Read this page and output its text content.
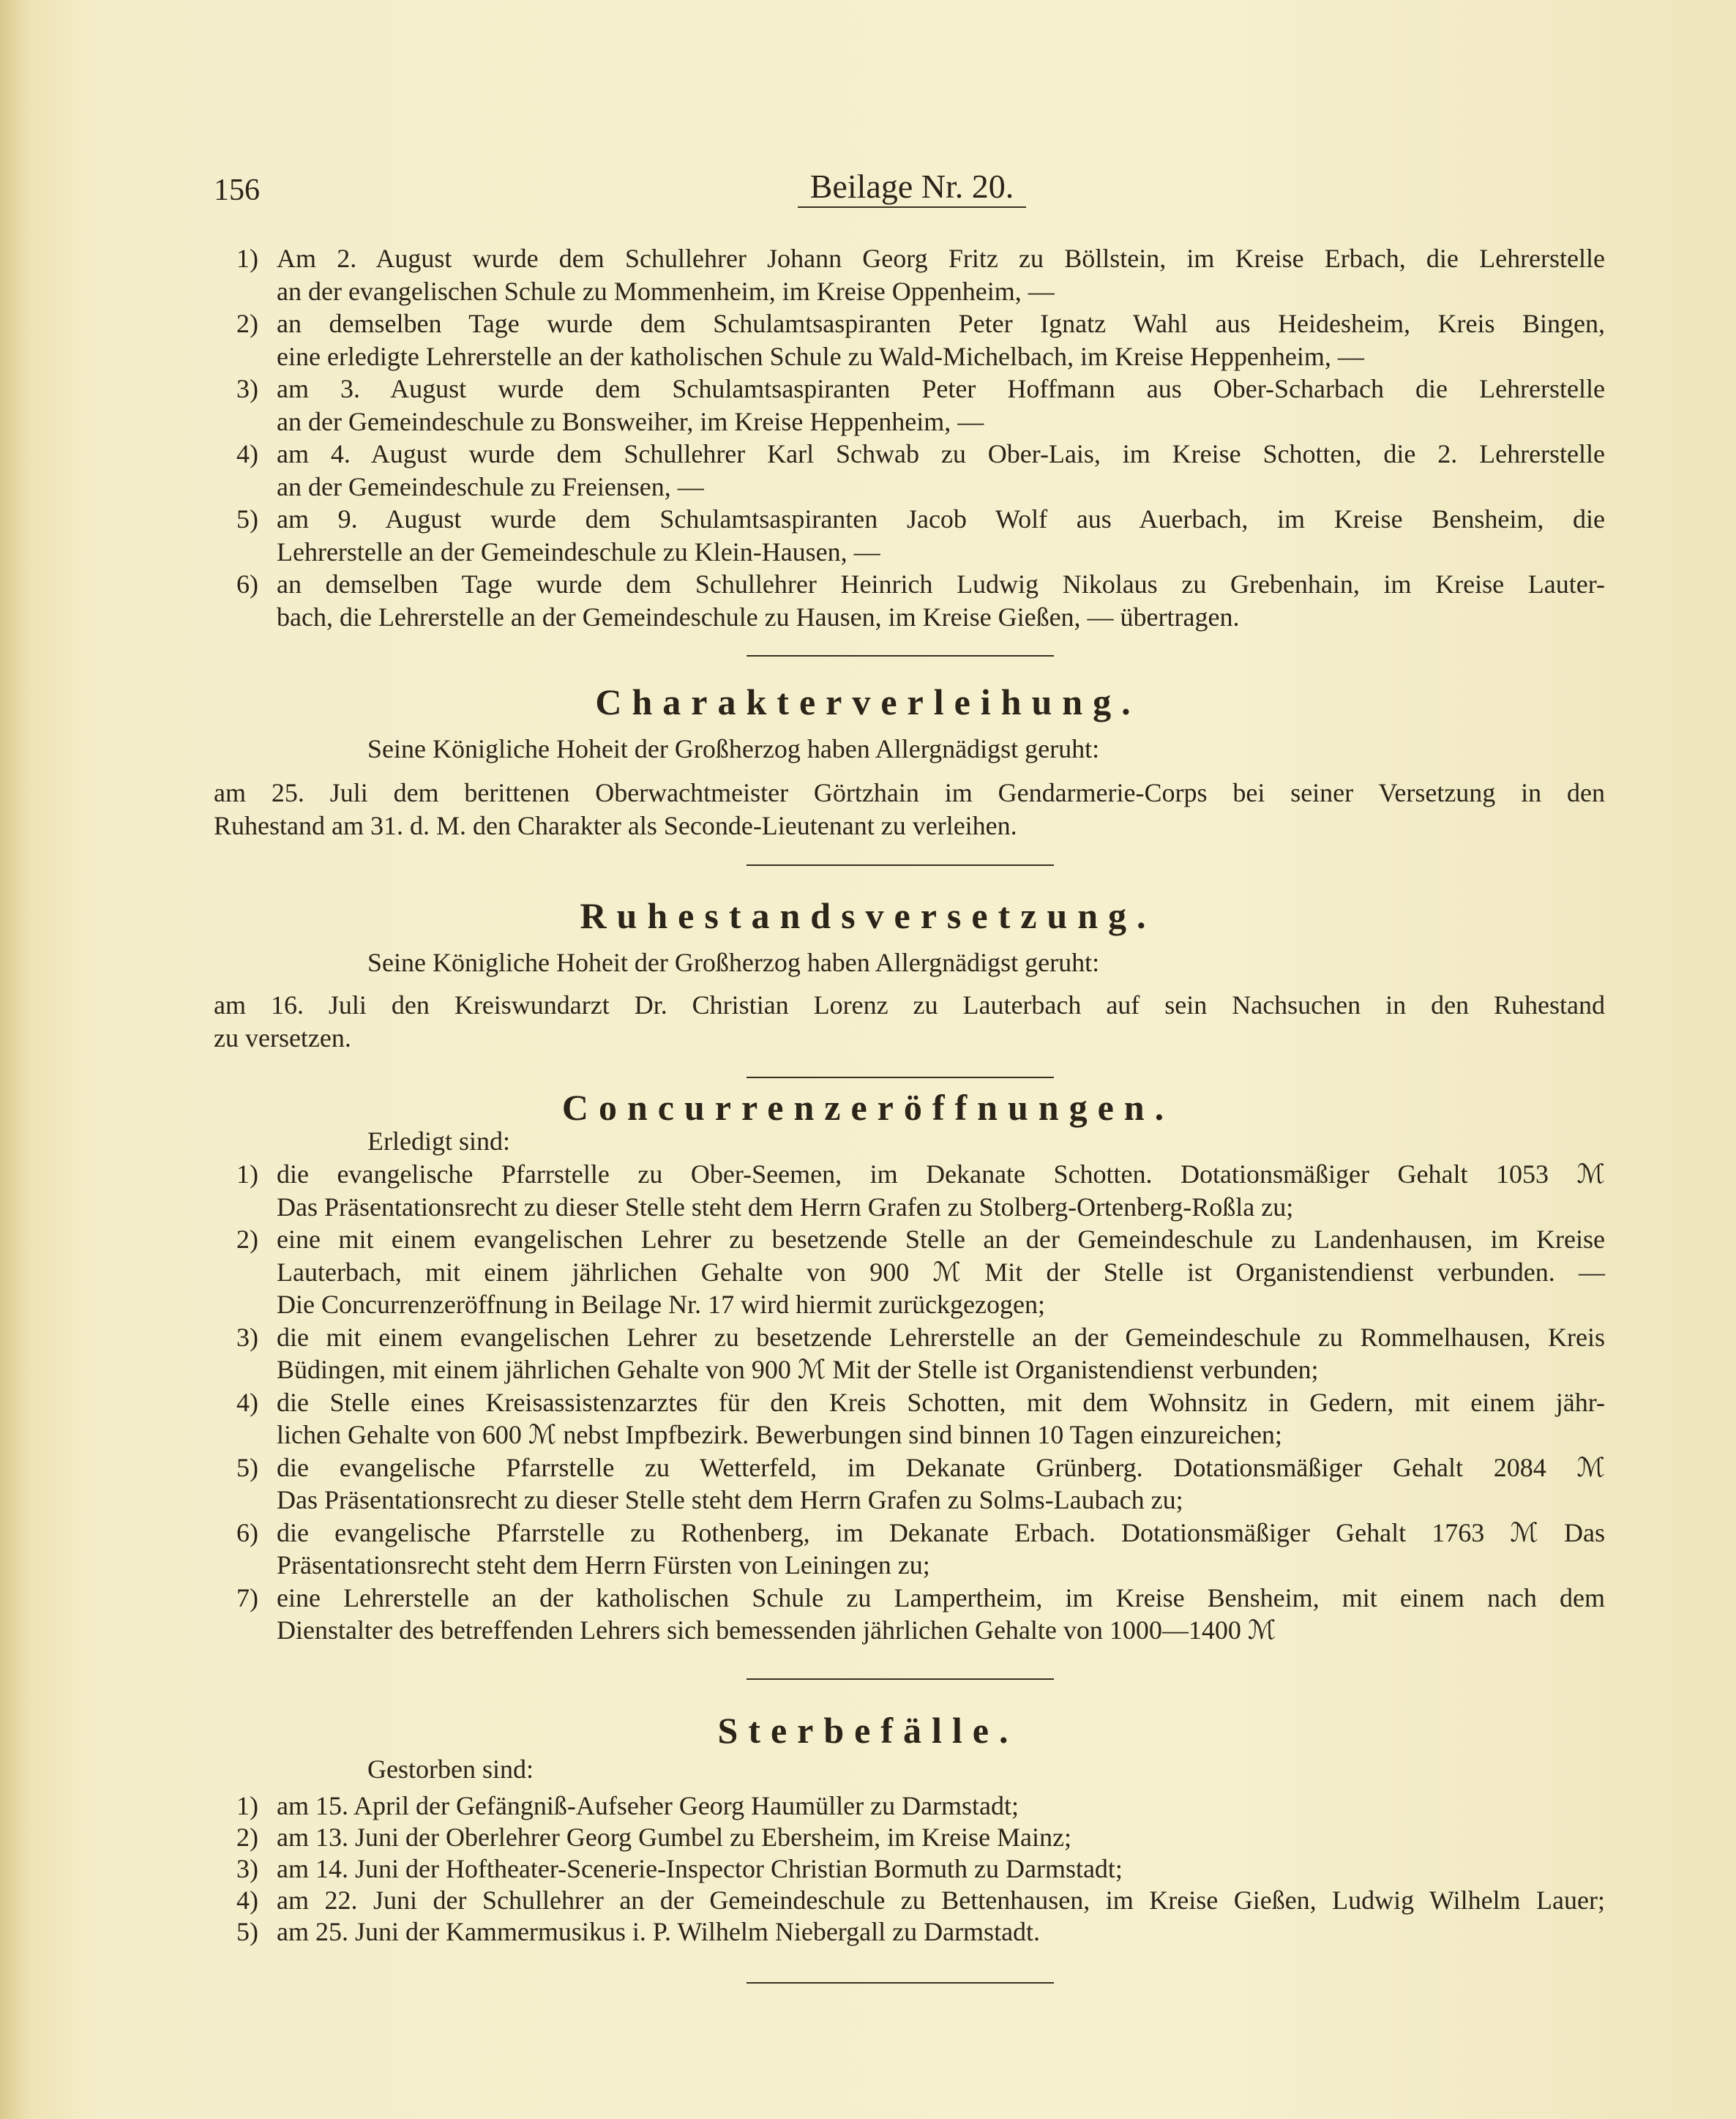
156	Beilage Nr. 20.
1) Am 2. August wurde dem Schullehrer Johann Georg Fritz zu Böllstein, im Kreise Erbach, die Lehrerstelle
an der evangelischen Schule zu Mommenheim, im Kreise Oppenheim, —
2) an demselben Tage wurde dem Schulamtsaspiranten Peter Ignatz Wahl aus Heidesheim, Kreis Bingen,
eine erledigte Lehrerstelle an der katholischen Schule zu Wald-Michelbach, im Kreise Heppenheim, —
3) am 3. August wurde dem Schulamtsaspiranten Peter Hoffmann aus Ober-Scharbach die Lehrerstelle
an der Gemeindeschule zu Bonsweiher, im Kreise Heppenheim, —
4) am 4. August wurde dem Schullehrer Karl Schwab zu Ober-Lais, im Kreise Schotten, die 2. Lehrerstelle
an der Gemeindeschule zu Freiensen, —
5) am 9. August wurde dem Schulamtsaspiranten Jacob Wolf aus Auerbach, im Kreise Bensheim, die
Lehrerstelle an der Gemeindeschule zu Klein-Hausen, —
6) an demselben Tage wurde dem Schullehrer Heinrich Ludwig Nikolaus zu Grebenhain, im Kreise Lauter-
bach, die Lehrerstelle an der Gemeindeschule zu Hausen, im Kreise Gießen, — übertragen.
Charakterverleihung.
Seine Königliche Hoheit der Großherzog haben Allergnädigst geruht:
am 25. Juli dem berittenen Oberwachtmeister Görtzhain im Gendarmerie-Corps bei seiner Versetzung in den
Ruhestand am 31. d. M. den Charakter als Seconde-Lieutenant zu verleihen.
Ruhestandsversetzung.
Seine Königliche Hoheit der Großherzog haben Allergnädigst geruht:
am 16. Juli den Kreiswundarzt Dr. Christian Lorenz zu Lauterbach auf sein Nachsuchen in den Ruhestand
zu versetzen.
Concurrenzeröffnungen.
Erledigt sind:
1) die evangelische Pfarrstelle zu Ober-Seemen, im Dekanate Schotten. Dotationsmäßiger Gehalt 1053 ℳ
Das Präsentationsrecht zu dieser Stelle steht dem Herrn Grafen zu Stolberg-Ortenberg-Roßla zu;
2) eine mit einem evangelischen Lehrer zu besetzende Stelle an der Gemeindeschule zu Landenhausen, im Kreise
Lauterbach, mit einem jährlichen Gehalte von 900 ℳ Mit der Stelle ist Organistendienst verbunden. —
Die Concurrenzeröffnung in Beilage Nr. 17 wird hiermit zurückgezogen;
3) die mit einem evangelischen Lehrer zu besetzende Lehrerstelle an der Gemeindeschule zu Rommelhausen, Kreis
Büdingen, mit einem jährlichen Gehalte von 900 ℳ Mit der Stelle ist Organistendienst verbunden;
4) die Stelle eines Kreisassistenzarztes für den Kreis Schotten, mit dem Wohnsitz in Gedern, mit einem jähr-
lichen Gehalte von 600 ℳ nebst Impfbezirk. Bewerbungen sind binnen 10 Tagen einzureichen;
5) die evangelische Pfarrstelle zu Wetterfeld, im Dekanate Grünberg. Dotationsmäßiger Gehalt 2084 ℳ
Das Präsentationsrecht zu dieser Stelle steht dem Herrn Grafen zu Solms-Laubach zu;
6) die evangelische Pfarrstelle zu Rothenberg, im Dekanate Erbach. Dotationsmäßiger Gehalt 1763 ℳ Das
Präsentationsrecht steht dem Herrn Fürsten von Leiningen zu;
7) eine Lehrerstelle an der katholischen Schule zu Lampertheim, im Kreise Bensheim, mit einem nach dem
Dienstalter des betreffenden Lehrers sich bemessenden jährlichen Gehalte von 1000—1400 ℳ
Sterbefälle.
Gestorben sind:
1) am 15. April der Gefängniß-Aufseher Georg Haumüller zu Darmstadt;
2) am 13. Juni der Oberlehrer Georg Gumbel zu Ebersheim, im Kreise Mainz;
3) am 14. Juni der Hoftheater-Scenerie-Inspector Christian Bormuth zu Darmstadt;
4) am 22. Juni der Schullehrer an der Gemeindeschule zu Bettenhausen, im Kreise Gießen, Ludwig Wilhelm Lauer;
5) am 25. Juni der Kammermusikus i. P. Wilhelm Niebergall zu Darmstadt.
